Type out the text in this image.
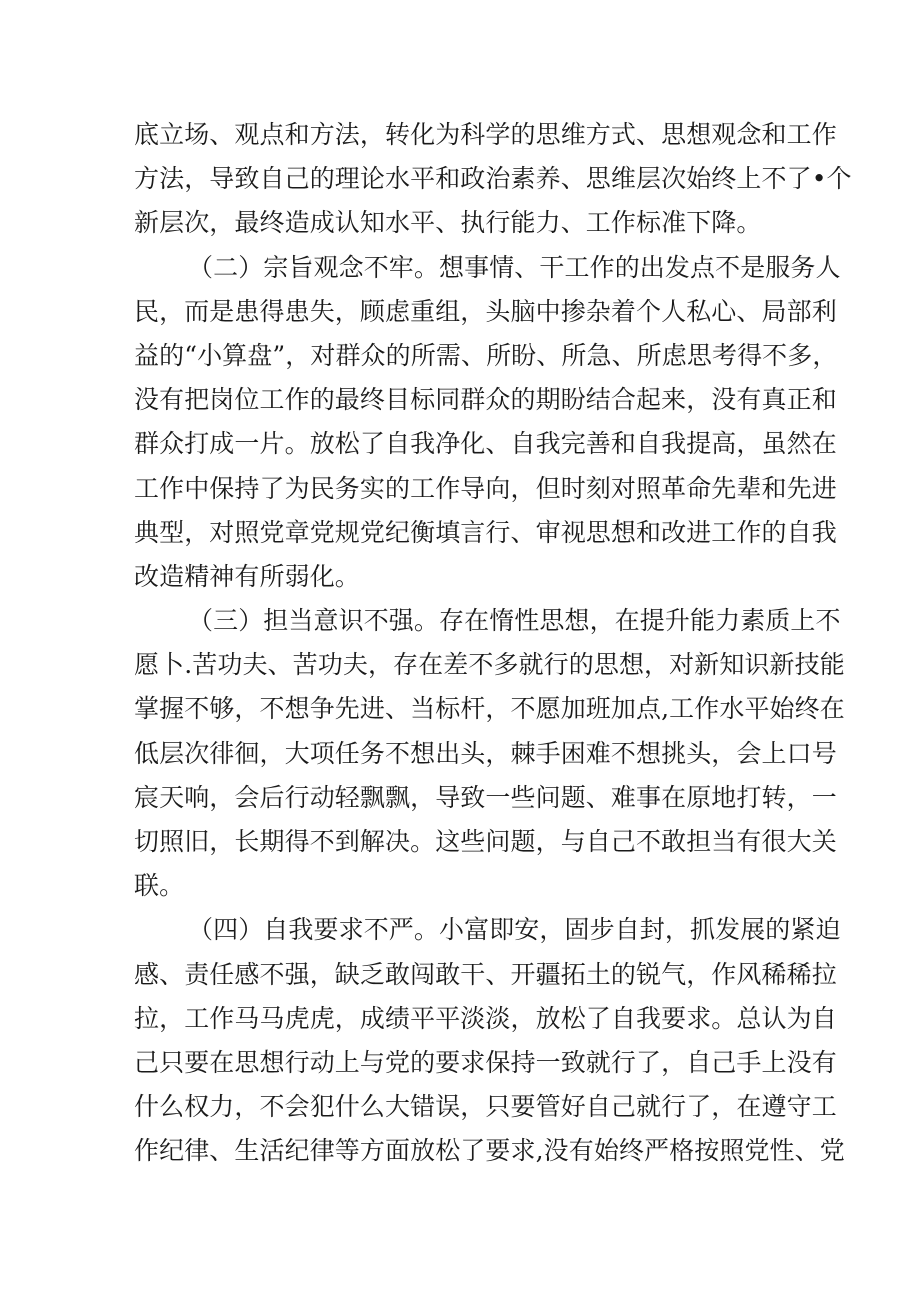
底立场、观点和方法，转化为科学的思维方式、思想观念和工作
方法，导致自己的理论水平和政治素养、思维层次始终上不了•个
新层次，最终造成认知水平、执行能力、工作标准下降。

（二）宗旨观念不牢。想事情、干工作的出发点不是服务人
民，而是患得患失，顾虑重组，头脑中掺杂着个人私心、局部利
益的“小算盘”，对群众的所需、所盼、所急、所虑思考得不多，
没有把岗位工作的最终目标同群众的期盼结合起来，没有真正和
群众打成一片。放松了自我净化、自我完善和自我提高，虽然在
工作中保持了为民务实的工作导向，但时刻对照革命先辈和先进
典型，对照党章党规党纪衡填言行、审视思想和改进工作的自我
改造精神有所弱化。

（三）担当意识不强。存在惰性思想，在提升能力素质上不
愿卜.苦功夫、苦功夫，存在差不多就行的思想，对新知识新技能
掌握不够，不想争先进、当标杆，不愿加班加点,工作水平始终在
低层次徘徊，大项任务不想出头，棘手困难不想挑头，会上口号
宸天响，会后行动轻飘飘，导致一些问题、难事在原地打转，一
切照旧，长期得不到解决。这些问题，与自己不敢担当有很大关
联。

（四）自我要求不严。小富即安，固步自封，抓发展的紧迫
感、责任感不强，缺乏敢闯敢干、开疆拓土的锐气，作风稀稀拉
拉，工作马马虎虎，成绩平平淡淡，放松了自我要求。总认为自
己只要在思想行动上与党的要求保持一致就行了，自己手上没有
什么权力，不会犯什么大错误，只要管好自己就行了，在遵守工
作纪律、生活纪律等方面放松了要求,没有始终严格按照党性、党
